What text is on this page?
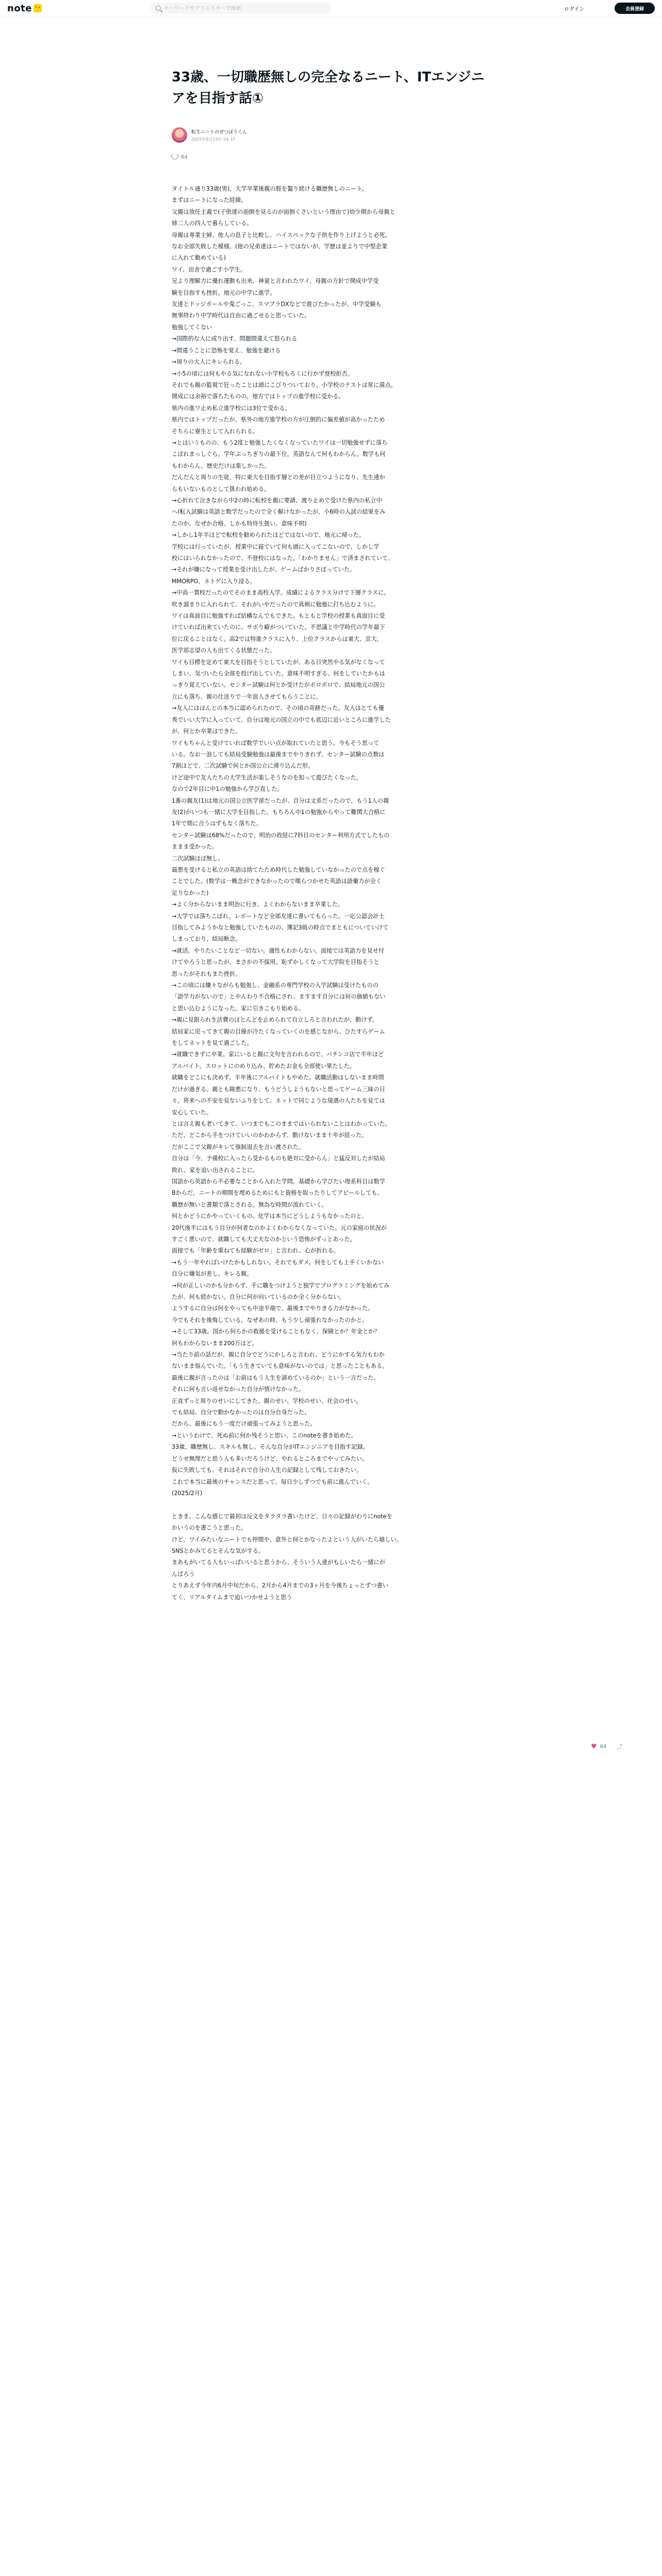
note
キーワードやクリエイターで検索	ログイン	会員登録
33歳、一切職歴無しの完全なるニート、ITエンジニアを目指す話①
転生ニートのぜつぼうくん
2025年8月23日 04:37
64

タイトル通り33歳(男)、大学卒業後親の脛を齧り続ける職歴無しのニート。

まずはニートになった経緯。

父親は放任主義で(子供達の面倒を見るのが面倒くさいという理由で)幼少期から母親と

姉二人の四人で暮らしている。

母親は専業主婦、他人の息子と比較し、ハイスペックな子供を作り上げようと必死。

なお全部失敗した模様。(他の兄弟達はニートではないが、学歴は並よりで中堅企業

に入れて勤めている)

ワイ、田舎で過ごす小学生。

兄より理解力に優れ運動も出来、神童と言われたワイ、母親の方針で開成中学受

験を目指すも挫折。地元の中学に進学。

友達とドッジボールや鬼ごっこ、スマブラDXなどで遊びたかったが、中学受験も

無事終わり中学時代は自由に過ごせると思っていた。

勉強してくない

→国際的な人に成り出す、問題間違えて怒られる

→間違うことに恐怖を覚え、勉強を避ける

→周りの大人にキレられる。

→小5の頃には何もやる気になれない小学校もろくに行かず登校拒否。

それでも親の監視で狂ったことは頭にこびりついており、小学校のテストは常に満点。

開成には余裕で落ちたものの、地方ではトップの進学校に受かる。

県内の進ワ止め私立進学校には3位で受かる。

県内ではトップだったが、県外の地方進学校の方が圧倒的に偏差値が高かったため

そちらに寮生として入れられる。

→とはいうものの、もう2度と勉強したくなくなっていたワイは一切勉強せずに落ち

こぼれまっしぐら。学年ぶっちぎりの最下位。英語なんて何もわからん。数学も何

もわからん。歴史だけは楽しかった。

だんだんと周りの生徒、特に東大を目指す層との差が目立つようになり、先生達か

らもいないものとして扱われ始める。

→心折れて泣きながら中2の時に転校を親に要請、渡り止めで受けた県内の私立中

へ(転入試験は英語と数学だったので全く解けなかったが、小6時の入試の結果をみ

たのか、なぜか合格。しかも特待生扱い。意味不明)

→しかし1年半ほどで転校を勧められたほどではないので、地元に帰った。

学校には行っていたが、授業中に寝ていて何も頭に入ってこないので、しかし学

校にはいられなかったので、不登校にはなった。「わかりません」で済まされていて、

→それが嫌になって授業を受け出したが、ゲームばかりさぼっていた。

MMORPG、ネトゲに入り浸る。

→中高一貫校だったのでそのまま高校入学。成績によるクラス分けで下層クラスに。

吹き溜まりに入れられて、それがいやだったので真剣に勉強に打ち込むように。

ワイは真面目に勉強すれば結構なんでもできた。もともと学校の授業も真面目に受

けていれば出来ていたのに、サボり癖がついていた。不思議と中学時代の学年最下

位に戻ることはなく。高2では特進クラスに入り、上位クラスからは東大、京大、

医学部志望の人も出てくる状態だった。

ワイも目標を定めて東大を目指そうとしていたが、ある日突然やる気がなくなって

しまい、気づいたら全部を投げ出していた。意味不明すぎる、何をしていたかもは

っきり覚えていない。センター試験は何とか受けたがボロボロで、結局地元の国公

立にも落ち、親の仕送りで一年浪人させてもらうことに。

→友人にはほんとの本当に認められたので、その頃の奇跡だった。友人はとても優

秀でいい大学に入っていて、自分は地元の国立の中でも底辺に近いところに進学した

が、何とか卒業はできた。

ワイもちゃんと受けていれば数学でいい点が取れていたと思う。今もそう思って

いる。なお一浪しても結局受験勉強は最後までやりきれず、センター試験の点数は

7割ほどで、二次試験で何とか国公立に滑り込んだ形。

けど途中で友人たちの大学生活が楽しそうなのを知って遊びたくなった。

なので2年目に中1の勉強から学び直した。

1番の親友(1)は地元の国公立医学部だったが、自分は文系だったので、もう1人の親

友(2)がいつも一緒に大学を目指した。もちろん中1の勉強からやって難関大合格に

1年で間に合うはずもなく落ちた。

センター試験は68%だったので、明治の政経に7科目のセンター利用方式でしたもの

ままま受かった。

二次試験ほぼ無し。

最悪を受けると私立の英語は捨てたため時代した勉強していなかったので点を稼ぐ

ことでした。(数学は一概念ができなかったので喋らつかせた英語は語彙力が全く

足りなかった)

→よく分からないまま明治に行き、よくわからないまま卒業した。

→大学では落ちこぼれ。レポートなど全部友達に書いてもらった。一応公認会計士

目指してみようかなと勉強していたものの、簿記3級の時点でまともについていけて

しまっており、結局断念。

→就活。やりたいことなど一切ない。適性もわからない。面接では英語力を見せ付

けてやろうと思ったが、まさかの不採用。恥ずかしくなって大学院を目指そうと

思ったがそれもまた挫折。

→この頃には嫌々ながらも勉強し、金融系の専門学校の入学試験は受けたものの

「語学力がないので」とやんわり不合格にされ、ますます自分には何の価値もない

と思い込むようになった。家に引きこもり始める。

→親に見限られ生活費のほとんどを止められて自立しろと言われたが、動けず。

結局家に戻ってきて親の目線が冷たくなっていくのを感じながら、ひたすらゲーム

をしてネットを見て過ごした。

→就職できずに卒業。家にいると親に文句を言われるので、パチンコ店で半年ほど

アルバイト。スロットにのめり込み、貯めたお金も全部使い果たした。

就職をどこにも決めず、半年後にアルバイトもやめた。就職活動はしないまま時間

だけが過ぎる。親とも険悪になり、もうどうしようもないと思ってゲーム三昧の日

々。将来への不安を見ないふりをして、ネットで同じような境遇の人たちを見ては

安心していた。

とは言え親も老いてきて、いつまでもこのままではいられないことはわかっていた。

ただ、どこから手をつけていいのかわからず、動けないまま十年が経った。

だがここで父親がキレて強制退去を言い渡された。

自分は「今、予備校に入ったら受かるものも絶対に受からん」と猛反対したが結局

敗れ、家を追い出されることに。

国語から英語から不必要なことから入れた学問。基礎から学びたい理系科目は数学

Bからだ。ニートの期間を埋めるためにもと資格を取ったりしてアピールしても、

職歴が無いと書類で落とされる。無為な時間が流れていく。

何とかどうにかやっていくもの、化学は本当にどうしようもなかったのと、

20代後半にはもう自分が何者なのかよくわからなくなっていた。元の家庭の状況が

すごく悪いので、就職しても大丈夫なのかという恐怖がずっとあった。

面接でも「年齢を重ねても経験がゼロ」と言われ、心が折れる。

→もう一年やればいけたかもしれない。それでもダメ。何をしても上手くいかない

自分に嫌気が差し、キレる親。

→何が正しいのかも分からず、手に職をつけようと独学でプログラミングを始めてみ

たが、何も続かない。自分に何が向いているのか全く分からない。

ようするに自分は何をやっても中途半端で、最後までやりきる力がなかった。

今でもそれを後悔している。なぜあの時、もう少し頑張れなかったのかと。

→そして33歳。国から何らかの救援を受けることもなく、保険とか？年金とか？

何もわからないまま200万ほど。

→当たり前の話だが、親に自分でどうにかしろと言われ、どうにかする気力もわか

ないまま悩んでいた。「もう生きていても意味がないのでは」と思ったこともある。

最後に親が言ったのは「お前はもう人生を諦めているのか」という一言だった。

それに何も言い返せなかった自分が情けなかった。

正直ずっと周りのせいにしてきた。親のせい、学校のせい、社会のせい。

でも結局、自分で動かなかったのは自分自身だった。

だから、最後にもう一度だけ頑張ってみようと思った。

→というわけで、死ぬ前に何か残そうと思い、このnoteを書き始めた。

33歳、職歴無し、スキルも無し。そんな自分がITエンジニアを目指す記録。

どうせ無理だと思う人も多いだろうけど、やれるところまでやってみたい。

仮に失敗しても、それはそれで自分の人生の記録として残しておきたい。

これで本当に最後のチャンスだと思って、毎日少しずつでも前に進んでいく。

(2025/2月)

ときま、こんな感じで最初は反文をタラタラ書いたけど、日々の記録がわりにnoteを

かいうのを書こうと思った。

けど、ワイみたいなニートでも仲間や、意外と何とかなったよという人がいたら嬉しい。

SNSとかみてるとそんな気がする。

まあもがいてる人もいっぱいいると思うから、そういう人達がもしいたら一緒にが

んばろう

とりあえず今年内6月中旬だから、2月から4月までの3ヶ月を今後ちょっとずつ書い

てく、リアルタイムまで追いつかせようと思う

♥ 64 ⤴
